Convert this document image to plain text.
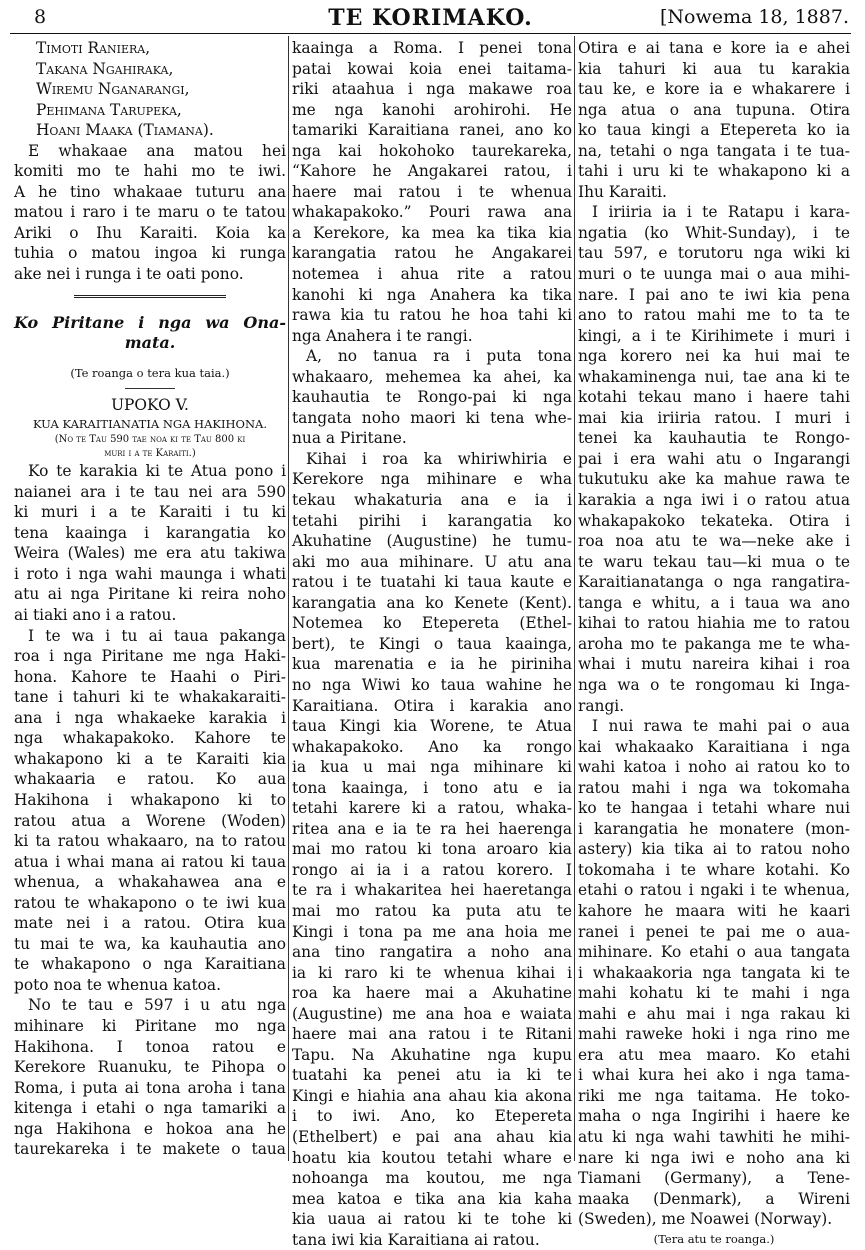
8	TE KORIMAKO.	[Nowema 18, 1887.
Timoti Raniera,
Takana Ngahiraka,
Wiremu Nganarangi,
Pehimana Tarupeka,
Hoani Maaka (Tiamana).
E whakaae ana matou hei
komiti mo te hahi mo te iwi.
A he tino whakaae tuturu ana
matou i raro i te maru o te tatou
Ariki o Ihu Karaiti. Koia ka
tuhia o matou ingoa ki runga
ake nei i runga i te oati pono.
Ko Piritane i nga wa Ona-
mata.
(Te roanga o tera kua taia.)
UPOKO V.
KUA KARAITIANATIA NGA HAKIHONA.
(No te Tau 590 tae noa ki te Tau 800 ki
muri i a te Karaiti.)
Ko te karakia ki te Atua pono i
naianei ara i te tau nei ara 590
ki muri i a te Karaiti i tu ki
tena kaainga i karangatia ko
Weira (Wales) me era atu takiwa
i roto i nga wahi maunga i whati
atu ai nga Piritane ki reira noho
ai tiaki ano i a ratou.
I te wa i tu ai taua pakanga
roa i nga Piritane me nga Haki-
hona. Kahore te Haahi o Piri-
tane i tahuri ki te whakakaraiti-
ana i nga whakaeke karakia i
nga whakapakoko. Kahore te
whakapono ki a te Karaiti kia
whakaaria e ratou. Ko aua
Hakihona i whakapono ki to
ratou atua a Worene (Woden)
ki ta ratou whakaaro, na to ratou
atua i whai mana ai ratou ki taua
whenua, a whakahawea ana e
ratou te whakapono o te iwi kua
mate nei i a ratou. Otira kua
tu mai te wa, ka kauhautia ano
te whakapono o nga Karaitiana
poto noa te whenua katoa.
No te tau e 597 i u atu nga
mihinare ki Piritane mo nga
Hakihona. I tonoa ratou e
Kerekore Ruanuku, te Pihopa o
Roma, i puta ai tona aroha i tana
kitenga i etahi o nga tamariki a
nga Hakihona e hokoa ana he
taurekareka i te makete o taua
kaainga a Roma. I penei tona
patai kowai koia enei taitama-
riki ataahua i nga makawe roa
me nga kanohi arohirohi. He
tamariki Karaitiana ranei, ano ko
nga kai hokohoko taurekareka,
“Kahore he Angakarei ratou, i
haere mai ratou i te whenua
whakapakoko.” Pouri rawa ana
a Kerekore, ka mea ka tika kia
karangatia ratou he Angakarei
notemea i ahua rite a ratou
kanohi ki nga Anahera ka tika
rawa kia tu ratou he hoa tahi ki
nga Anahera i te rangi.
A, no tanua ra i puta tona
whakaaro, mehemea ka ahei, ka
kauhautia te Rongo-pai ki nga
tangata noho maori ki tena whe-
nua a Piritane.
Kihai i roa ka whiriwhiria e
Kerekore nga mihinare e wha
tekau whakaturia ana e ia i
tetahi pirihi i karangatia ko
Akuhatine (Augustine) he tumu-
aki mo aua mihinare. U atu ana
ratou i te tuatahi ki taua kaute e
karangatia ana ko Kenete (Kent).
Notemea ko Etepereta (Ethel-
bert), te Kingi o taua kaainga,
kua marenatia e ia he piriniha
no nga Wiwi ko taua wahine he
Karaitiana. Otira i karakia ano
taua Kingi kia Worene, te Atua
whakapakoko. Ano ka rongo
ia kua u mai nga mihinare ki
tona kaainga, i tono atu e ia
tetahi karere ki a ratou, whaka-
ritea ana e ia te ra hei haerenga
mai mo ratou ki tona aroaro kia
rongo ai ia i a ratou korero. I
te ra i whakaritea hei haeretanga
mai mo ratou ka puta atu te
Kingi i tona pa me ana hoia me
ana tino rangatira a noho ana
ia ki raro ki te whenua kihai i
roa ka haere mai a Akuhatine
(Augustine) me ana hoa e waiata
haere mai ana ratou i te Ritani
Tapu. Na Akuhatine nga kupu
tuatahi ka penei atu ia ki te
Kingi e hiahia ana ahau kia akona
i to iwi. Ano, ko Etepereta
(Ethelbert) e pai ana ahau kia
hoatu kia koutou tetahi whare e
nohoanga ma koutou, me nga
mea katoa e tika ana kia kaha
kia uaua ai ratou ki te tohe ki
tana iwi kia Karaitiana ai ratou.
Otira e ai tana e kore ia e ahei
kia tahuri ki aua tu karakia
tau ke, e kore ia e whakarere i
nga atua o ana tupuna. Otira
ko taua kingi a Etepereta ko ia
na, tetahi o nga tangata i te tua-
tahi i uru ki te whakapono ki a
Ihu Karaiti.
I iriiria ia i te Ratapu i kara-
ngatia (ko Whit-Sunday), i te
tau 597, e torutoru nga wiki ki
muri o te uunga mai o aua mihi-
nare. I pai ano te iwi kia pena
ano to ratou mahi me to ta te
kingi, a i te Kirihimete i muri i
nga korero nei ka hui mai te
whakaminenga nui, tae ana ki te
kotahi tekau mano i haere tahi
mai kia iriiria ratou. I muri i
tenei ka kauhautia te Rongo-
pai i era wahi atu o Ingarangi
tukutuku ake ka mahue rawa te
karakia a nga iwi i o ratou atua
whakapakoko tekateka. Otira i
roa noa atu te wa—neke ake i
te waru tekau tau—ki mua o te
Karaitianatanga o nga rangatira-
tanga e whitu, a i taua wa ano
kihai to ratou hiahia me to ratou
aroha mo te pakanga me te wha-
whai i mutu nareira kihai i roa
nga wa o te rongomau ki Inga-
rangi.
I nui rawa te mahi pai o aua
kai whakaako Karaitiana i nga
wahi katoa i noho ai ratou ko to
ratou mahi i nga wa tokomaha
ko te hangaa i tetahi whare nui
i karangatia he monatere (mon-
astery) kia tika ai to ratou noho
tokomaha i te whare kotahi. Ko
etahi o ratou i ngaki i te whenua,
kahore he maara witi he kaari
ranei i penei te pai me o aua-
mihinare. Ko etahi o aua tangata
i whakaakoria nga tangata ki te
mahi kohatu ki te mahi i nga
mahi e ahu mai i nga rakau ki
mahi raweke hoki i nga rino me
era atu mea maaro. Ko etahi
i whai kura hei ako i nga tama-
riki me nga taitama. He toko-
maha o nga Ingirihi i haere ke
atu ki nga wahi tawhiti he mihi-
nare ki nga iwi e noho ana ki
Tiamani (Germany), a Tene-
maaka (Denmark), a Wireni
(Sweden), me Noawei (Norway).
(Tera atu te roanga.)
